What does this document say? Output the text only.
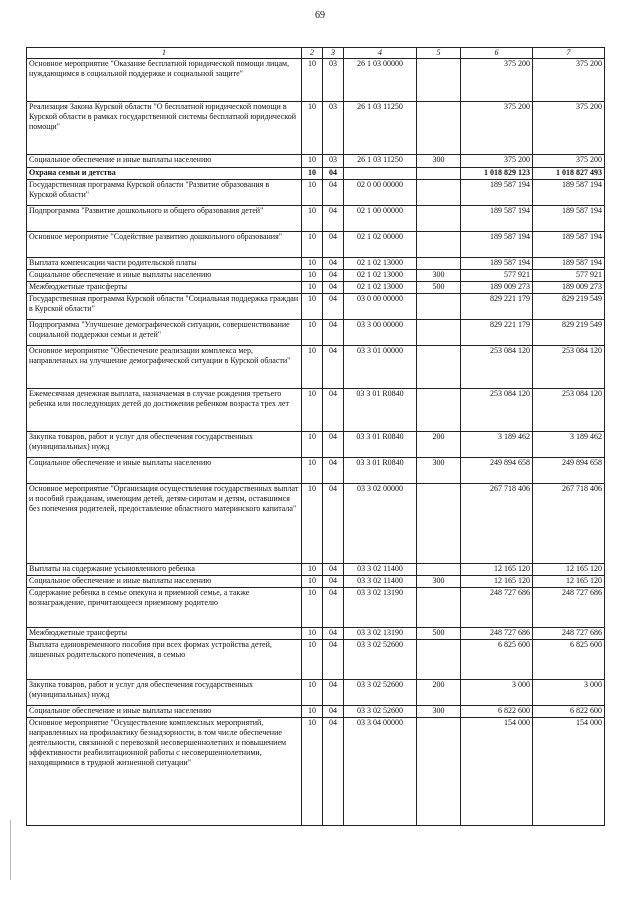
69
1	2	3	4	5	6	7
Основное мероприятие "Оказание бесплатной юридической помощи лицам, нуждающимся в социальной поддержке и социальной защите"	10	03	26 1 03 00000		375 200	375 200
Реализация Закона Курской области "О бесплатной юридической помощи в Курской области в рамках государственной системы бесплатной юридической помощи"	10	03	26 1 03 11250		375 200	375 200
Социальное обеспечение и иные выплаты населению	10	03	26 1 03 11250	300	375 200	375 200
Охрана семьи и детства	10	04			1 018 829 123	1 018 827 493
Государственная программа Курской области "Развитие образования в Курской области"	10	04	02 0 00 00000		189 587 194	189 587 194
Подпрограмма "Развитие дошкольного и общего образования детей"	10	04	02 1 00 00000		189 587 194	189 587 194
Основное мероприятие "Содействие развитию дошкольного образования"	10	04	02 1 02 00000		189 587 194	189 587 194
Выплата компенсации части родительской платы	10	04	02 1 02 13000		189 587 194	189 587 194
Социальное обеспечение и иные выплаты населению	10	04	02 1 02 13000	300	577 921	577 921
Межбюджетные трансферты	10	04	02 1 02 13000	500	189 009 273	189 009 273
Государственная программа Курской области "Социальная поддержка граждан в Курской области"	10	04	03 0 00 00000		829 221 179	829 219 549
Подпрограмма "Улучшение демографической ситуации, совершенствование социальной поддержки семьи и детей"	10	04	03 3 00 00000		829 221 179	829 219 549
Основное мероприятие "Обеспечение реализации комплекса мер, направленных на улучшение демографической ситуации в Курской области"	10	04	03 3 01 00000		253 084 120	253 084 120
Ежемесячная денежная выплата, назначаемая в случае рождения третьего ребенка или последующих детей до достижения ребенком возраста трех лет	10	04	03 3 01 R0840		253 084 120	253 084 120
Закупка товаров, работ и услуг для обеспечения государственных (муниципальных) нужд	10	04	03 3 01 R0840	200	3 189 462	3 189 462
Социальное обеспечение и иные выплаты населению	10	04	03 3 01 R0840	300	249 894 658	249 894 658
Основное мероприятие "Организация осуществления государственных выплат и пособий гражданам, имеющим детей, детям-сиротам и детям, оставшимся без попечения родителей, предоставление областного материнского капитала"	10	04	03 3 02 00000		267 718 406	267 718 406
Выплаты на содержание усыновленного ребенка	10	04	03 3 02 11400		12 165 120	12 165 120
Социальное обеспечение и иные выплаты населению	10	04	03 3 02 11400	300	12 165 120	12 165 120
Содержание ребенка в семье опекуна и приемной семье, а также вознаграждение, причитающееся приемному родителю	10	04	03 3 02 13190		248 727 686	248 727 686
Межбюджетные трансферты	10	04	03 3 02 13190	500	248 727 686	248 727 686
Выплата единовременного пособия при всех формах устройства детей, лишенных родительского попечения, в семью	10	04	03 3 02 52600		6 825 600	6 825 600
Закупка товаров, работ и услуг для обеспечения государственных (муниципальных) нужд	10	04	03 3 02 52600	200	3 000	3 000
Социальное обеспечение и иные выплаты населению	10	04	03 3 02 52600	300	6 822 600	6 822 600
Основное мероприятие "Осуществление комплексных мероприятий, направленных на профилактику безнадзорности, в том числе обеспечение деятельности, связанной с перевозкой несовершеннолетних и повышением эффективности реабилитационной работы с несовершеннолетними, находящимися в трудной жизненной ситуации"	10	04	03 3 04 00000		154 000	154 000
